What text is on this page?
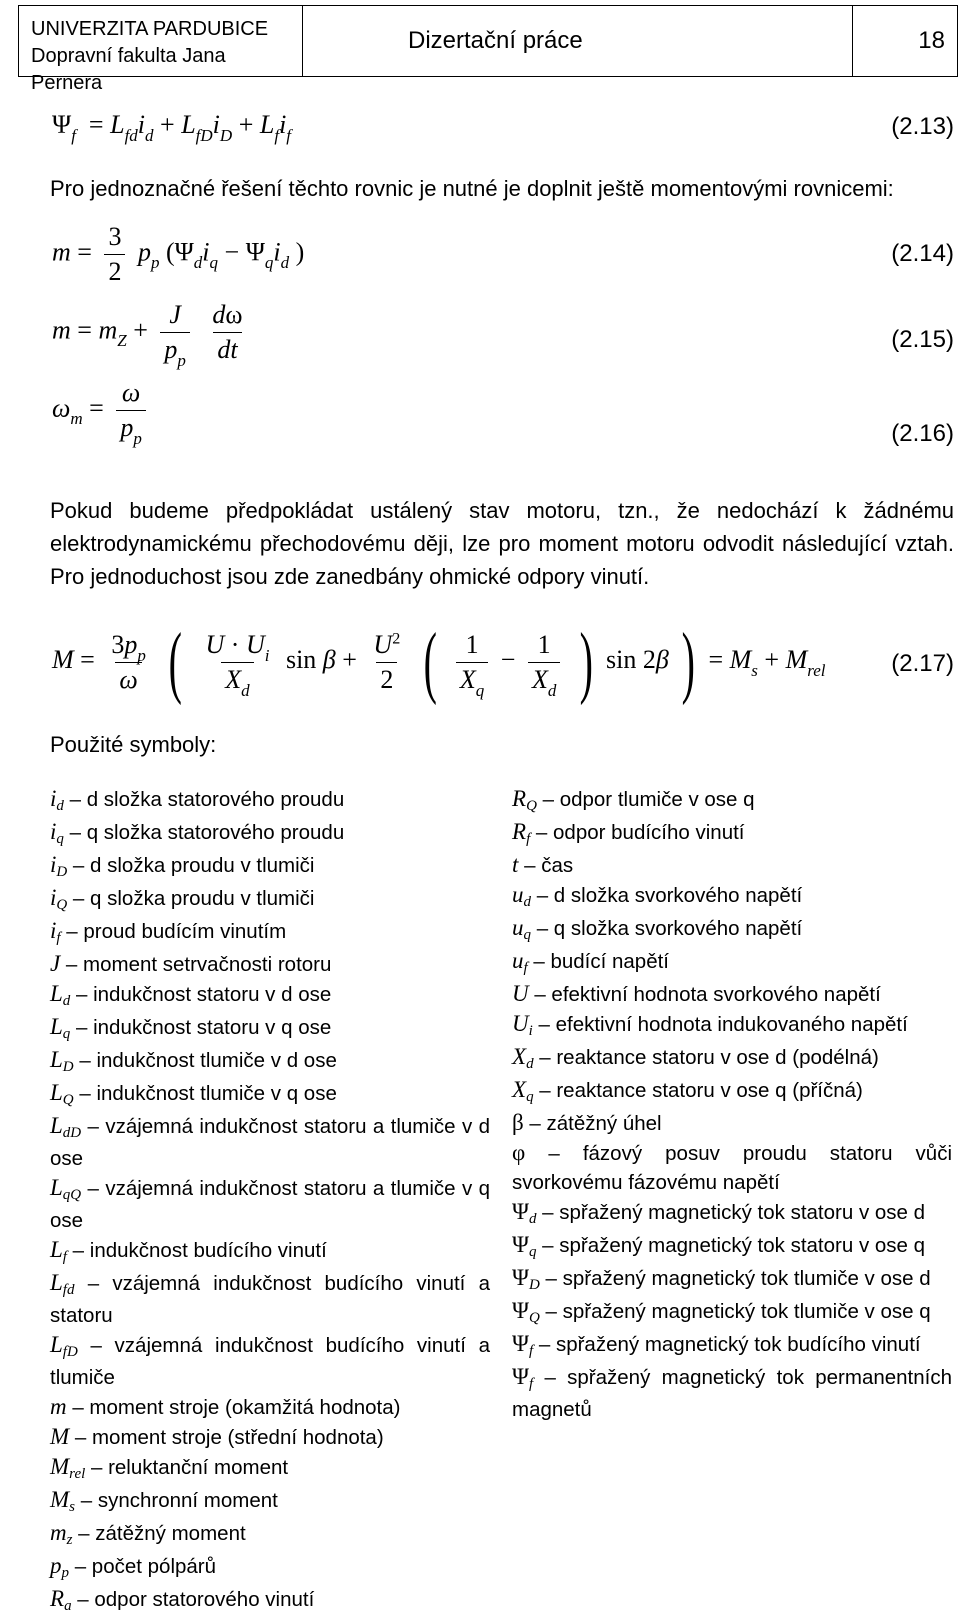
UNIVERZITA PARDUBICE
Dopravní fakulta Jana Pernera
Dizertační práce	18
$\Psi_f = L_{fd}i_d + L_{fD}i_D + L_fi_f$	(2.13)
Pro jednoznačné řešení těchto rovnic je nutné je doplnit ještě momentovými rovnicemi:
$m = \frac{3}{2} p_p$ ($\Psi_di_q - \Psi_qi_d$ )	(2.14)
$m = m_Z + \frac{J}{p_p}$
$\frac{d\omega}{dt}$	(2.15)
$\omega_m = \frac{\omega}{p_p}$	(2.16)
Pokud budeme předpokládat ustálený stav motoru, tzn., že nedochází k žádnému elektrodynamickému přechodovému ději, lze pro moment motoru odvodit následující vztah. Pro jednoduchost jsou zde zanedbány ohmické odpory vinutí.
$M = \frac{3p_p}{\omega}$ ( $\frac{U \cdot U_i}{X_d}$ $\sin \beta + \frac{U^2}{2}$ ( $\frac{1}{X_q} - \frac{1}{X_d}$ ) sin 2β ) = $M_s + M_{rel}$	(2.17)
Použité symboly:

id – d složka statorového proudu

iq – q složka statorového proudu

iD – d složka proudu v tlumiči

iQ – q složka proudu v tlumiči

if – proud budícím vinutím

J – moment setrvačnosti rotoru

Ld – indukčnost statoru v d ose

Lq – indukčnost statoru v q ose

LD – indukčnost tlumiče v d ose

LQ – indukčnost tlumiče v q ose

LdD – vzájemná indukčnost statoru a tlumiče v d ose

LqQ – vzájemná indukčnost statoru a tlumiče v q ose

Lf – indukčnost budícího vinutí

Lfd – vzájemná indukčnost budícího vinutí a statoru

LfD – vzájemná indukčnost budícího vinutí a tlumiče

m – moment stroje (okamžitá hodnota)

M – moment stroje (střední hodnota)

Mrel – reluktanční moment

Ms – synchronní moment

mz – zátěžný moment

pp – počet pólpárů

Ra – odpor statorového vinutí

RQ – odpor tlumiče v ose q

Rf – odpor budícího vinutí

t – čas

ud – d složka svorkového napětí

uq – q složka svorkového napětí

uf – budící napětí

U – efektivní hodnota svorkového napětí

Ui – efektivní hodnota indukovaného napětí

Xd – reaktance statoru v ose d (podélná)

Xq – reaktance statoru v ose q (příčná)

β – zátěžný úhel

φ – fázový posuv proudu statoru vůči svorkovému fázovému napětí

Ψd – spřažený magnetický tok statoru v ose d

Ψq – spřažený magnetický tok statoru v ose q

ΨD – spřažený magnetický tok tlumiče v ose d

ΨQ – spřažený magnetický tok tlumiče v ose q

Ψf – spřažený magnetický tok budícího vinutí

Ψf – spřažený magnetický tok permanentních magnetů
